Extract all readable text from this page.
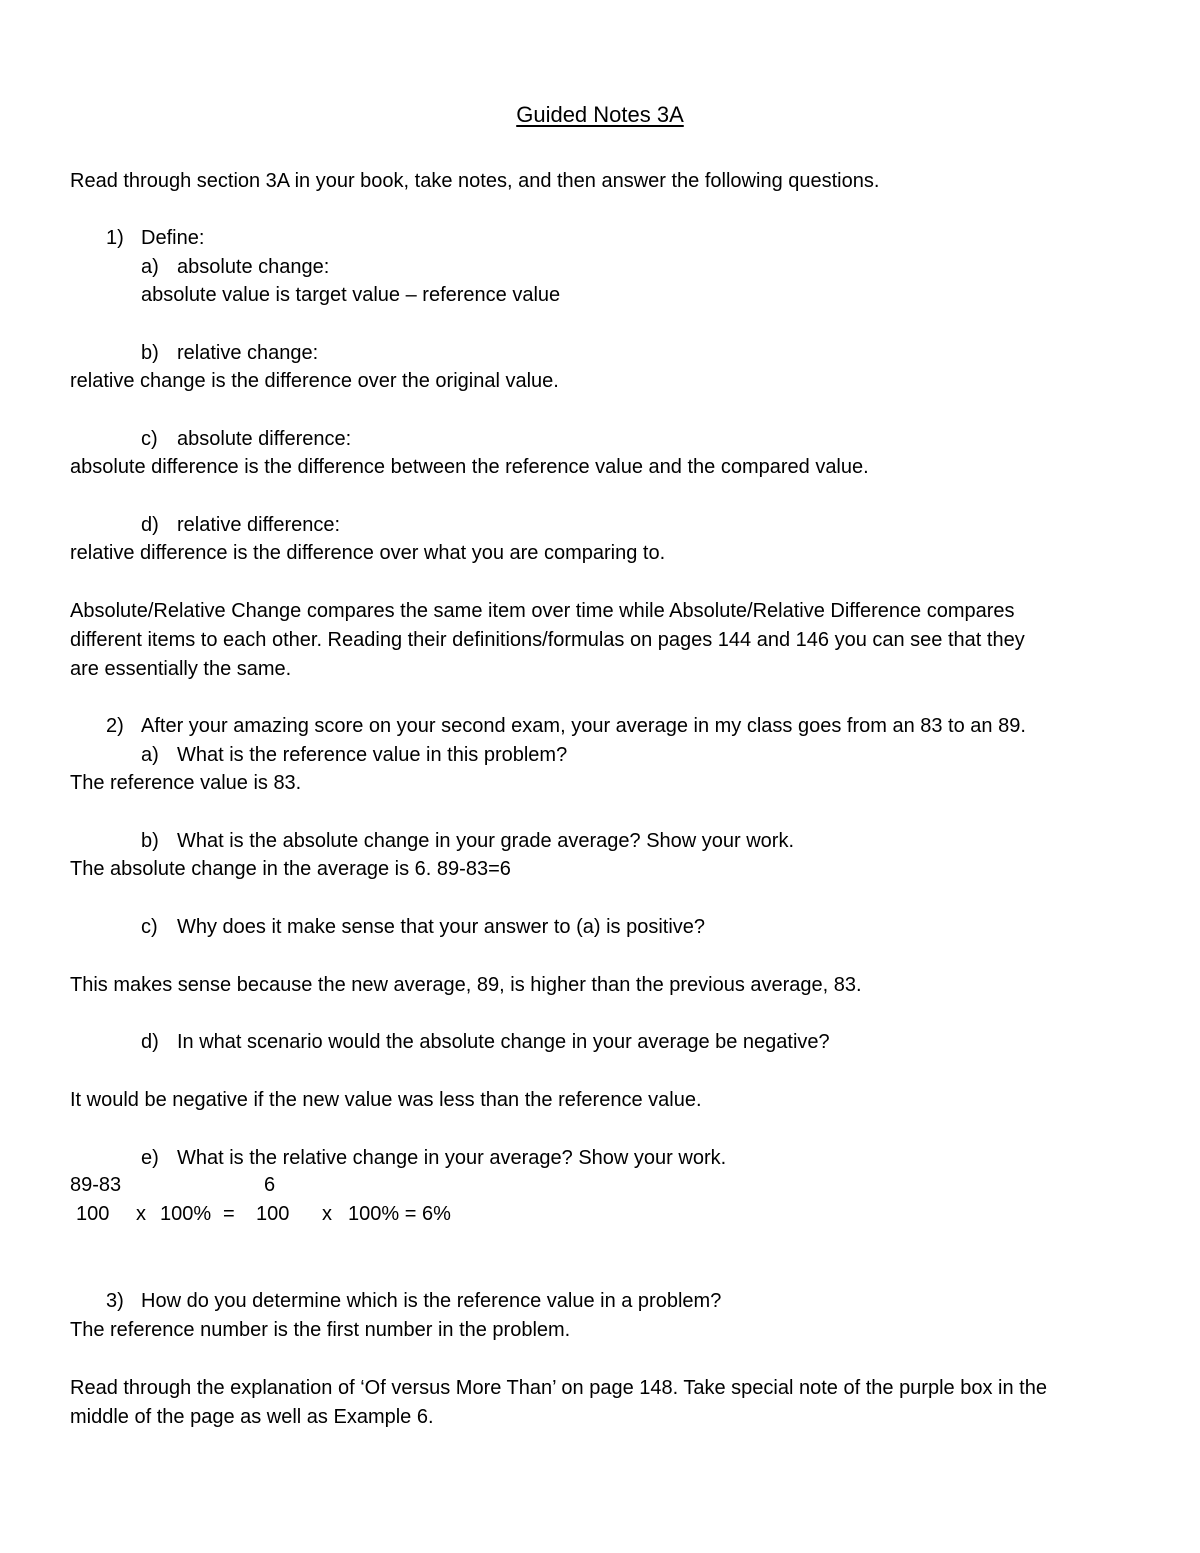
Guided Notes 3A
Read through section 3A in your book, take notes, and then answer the following questions.
1) Define:
a) absolute change:
absolute value is target value – reference value
b) relative change:
relative change is the difference over the original value.
c) absolute difference:
absolute difference is the difference between the reference value and the compared value.
d) relative difference:
relative difference is the difference over what you are comparing to.
Absolute/Relative Change compares the same item over time while Absolute/Relative Difference compares
different items to each other. Reading their definitions/formulas on pages 144 and 146 you can see that they
are essentially the same.
2) After your amazing score on your second exam, your average in my class goes from an 83 to an 89.
a) What is the reference value in this problem?
The reference value is 83.
b) What is the absolute change in your grade average? Show your work.
The absolute change in the average is 6. 89-83=6
c) Why does it make sense that your answer to (a) is positive?
This makes sense because the new average, 89, is higher than the previous average, 83.
d) In what scenario would the absolute change in your average be negative?
It would be negative if the new value was less than the reference value.
e) What is the relative change in your average? Show your work.
89-83	6
100 x 100% = 100 x 100% = 6%
3) How do you determine which is the reference value in a problem?
The reference number is the first number in the problem.
Read through the explanation of ‘Of versus More Than’ on page 148. Take special note of the purple box in the
middle of the page as well as Example 6.
